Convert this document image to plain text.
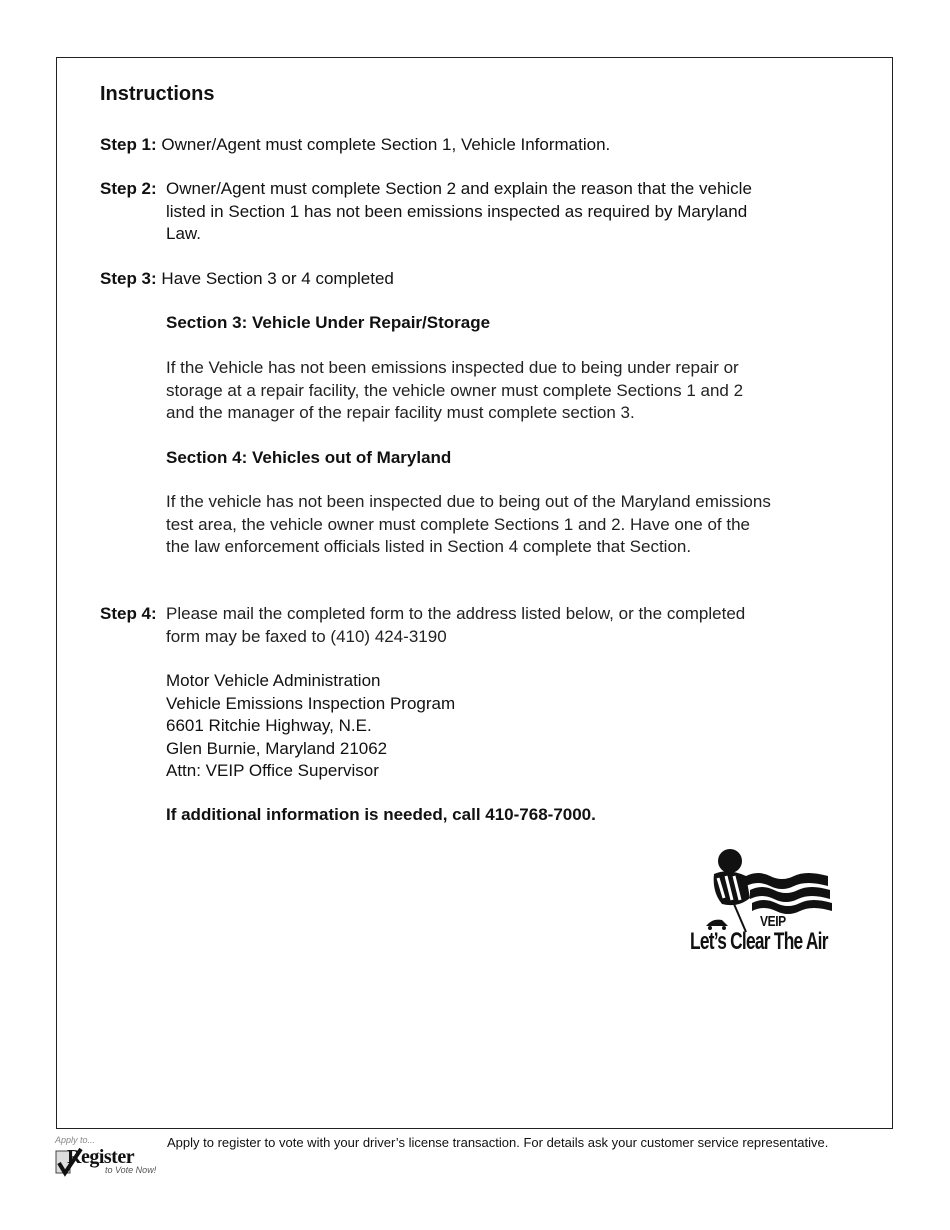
Instructions
Step 1: Owner/Agent must complete Section 1, Vehicle Information.
Step 2: Owner/Agent must complete Section 2 and explain the reason that the vehicle
listed in Section 1 has not been emissions inspected as required by Maryland
Law.
Step 3: Have Section 3 or 4 completed
Section 3: Vehicle Under Repair/Storage
If the Vehicle has not been emissions inspected due to being under repair or
storage at a repair facility, the vehicle owner must complete Sections 1 and 2
and the manager of the repair facility must complete section 3.
Section 4: Vehicles out of Maryland
If the vehicle has not been inspected due to being out of the Maryland emissions
test area, the vehicle owner must complete Sections 1 and 2. Have one of the
the law enforcement officials listed in Section 4 complete that Section.
Step 4: Please mail the completed form to the address listed below, or the completed
form may be faxed to (410) 424-3190
Motor Vehicle Administration
Vehicle Emissions Inspection Program
6601 Ritchie Highway, N.E.
Glen Burnie, Maryland 21062
Attn: VEIP Office Supervisor
If additional information is needed, call 410-768-7000.
VEIP
Let’s Clear The Air
Apply to...
Register
to Vote Now!
Apply to register to vote with your driver’s license transaction. For details ask your customer service representative.
